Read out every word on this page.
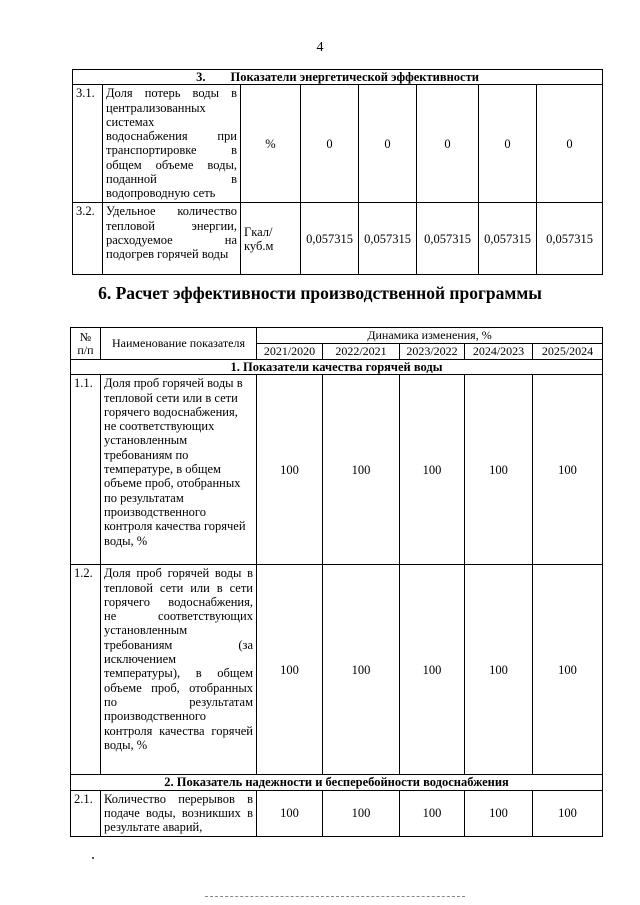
4
3. Показатели энергетической эффективности							
3.1.	Доля потерь воды в централизованных системах водоснабжения при транспортировке в общем объеме воды, поданной в водопроводную сеть	%	0	0	0	0	0
3.2.	Удельное количество тепловой энергии, расходуемое на подогрев горячей воды	Гкал/ куб.м	0,057315	0,057315	0,057315	0,057315	0,057315
6. Расчет эффективности производственной программы
№ п/п	Наименование показателя	Динамика изменения, %				
		2021/2020	2022/2021	2023/2022	2024/2023	2025/2024
1. Показатели качества горячей воды						
1.1.	Доля проб горячей воды в тепловой сети или в сети горячего водоснабжения, не соответствующих установленным требованиям по температуре, в общем объеме проб, отобранных по результатам производственного контроля качества горячей воды, %	100	100	100	100	100
1.2.	Доля проб горячей воды в тепловой сети или в сети горячего водоснабжения, не соответствующих установленным требованиям (за исключением температуры), в общем объеме проб, отобранных по результатам производственного контроля качества горячей воды, %	100	100	100	100	100
2. Показатель надежности и бесперебойности водоснабжения						
2.1.	Количество перерывов в подаче воды, возникших в результате аварий,	100	100	100	100	100
